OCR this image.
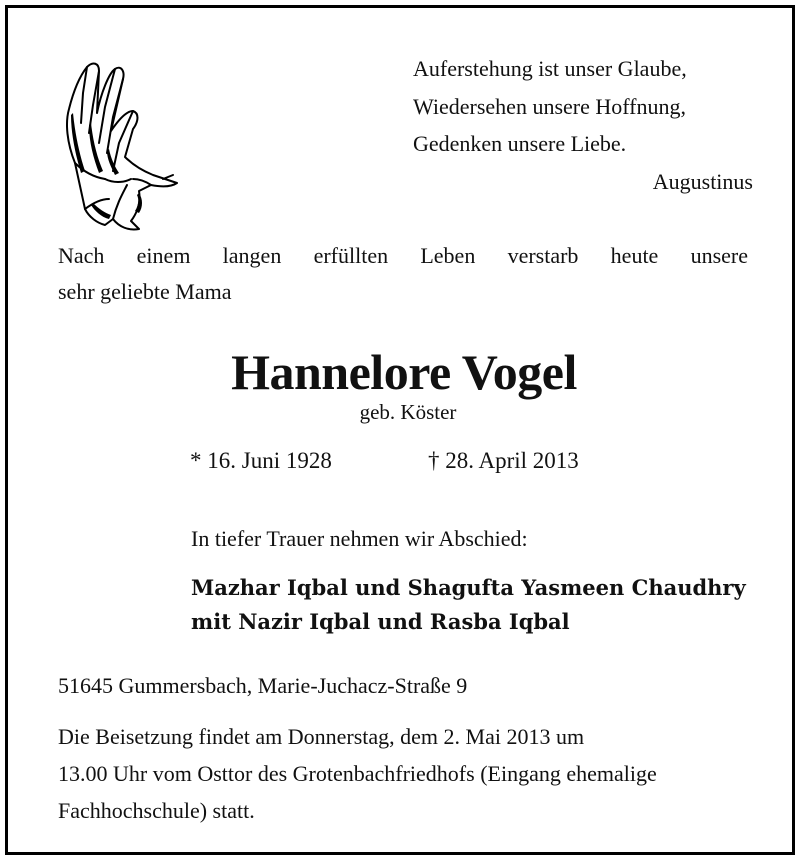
Auferstehung ist unser Glaube,
Wiedersehen unsere Hoffnung,
Gedenken unsere Liebe.
Augustinus
Nach einem langen erfüllten Leben verstarb heute unsere
sehr geliebte Mama
Hannelore Vogel
geb. Köster
* 16. Juni 1928	† 28. April 2013
In tiefer Trauer nehmen wir Abschied:
Mazhar Iqbal und Shagufta Yasmeen Chaudhry
mit Nazir Iqbal und Rasba Iqbal
51645 Gummersbach, Marie-Juchacz-Straße 9
Die Beisetzung findet am Donnerstag, dem 2. Mai 2013 um
13.00 Uhr vom Osttor des Grotenbachfriedhofs (Eingang ehemalige
Fachhochschule) statt.
